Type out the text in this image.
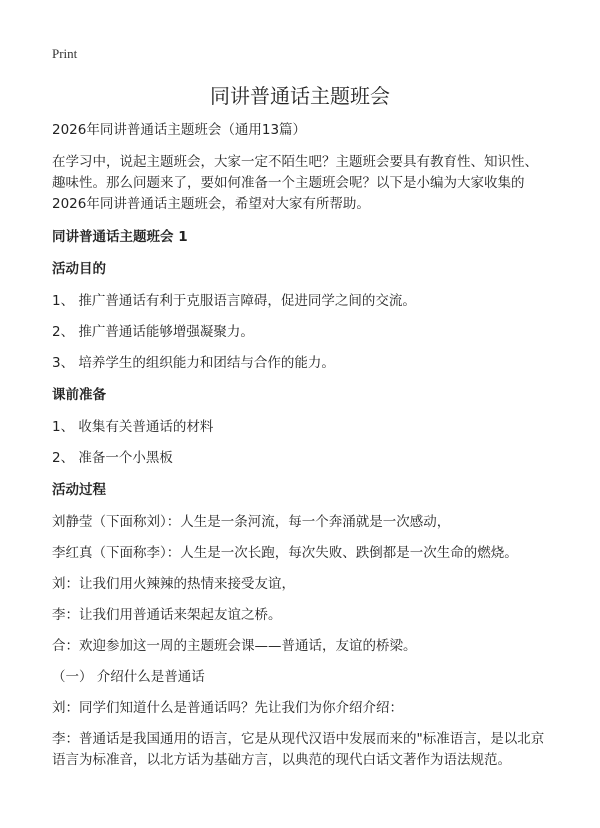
Print
同讲普通话主题班会

2026年同讲普通话主题班会（通用13篇）

在学习中，说起主题班会，大家一定不陌生吧？主题班会要具有教育性、知识性、趣味性。那么问题来了，要如何准备一个主题班会呢？以下是小编为大家收集的2026年同讲普通话主题班会，希望对大家有所帮助。

同讲普通话主题班会 1

活动目的

1、 推广普通话有利于克服语言障碍，促进同学之间的交流。

2、 推广普通话能够增强凝聚力。

3、 培养学生的组织能力和团结与合作的能力。

课前准备

1、 收集有关普通话的材料

2、 准备一个小黑板

活动过程

刘静莹（下面称刘）：人生是一条河流，每一个奔涌就是一次感动，

李红真（下面称李）：人生是一次长跑，每次失败、跌倒都是一次生命的燃烧。

刘：让我们用火辣辣的热情来接受友谊，

李：让我们用普通话来架起友谊之桥。

合：欢迎参加这一周的主题班会课——普通话，友谊的桥梁。

（一） 介绍什么是普通话

刘：同学们知道什么是普通话吗？先让我们为你介绍介绍：

李：普通话是我国通用的语言，它是从现代汉语中发展而来的"标准语言，是以北京语言为标准音，以北方话为基础方言，以典范的现代白话文著作为语法规范。
